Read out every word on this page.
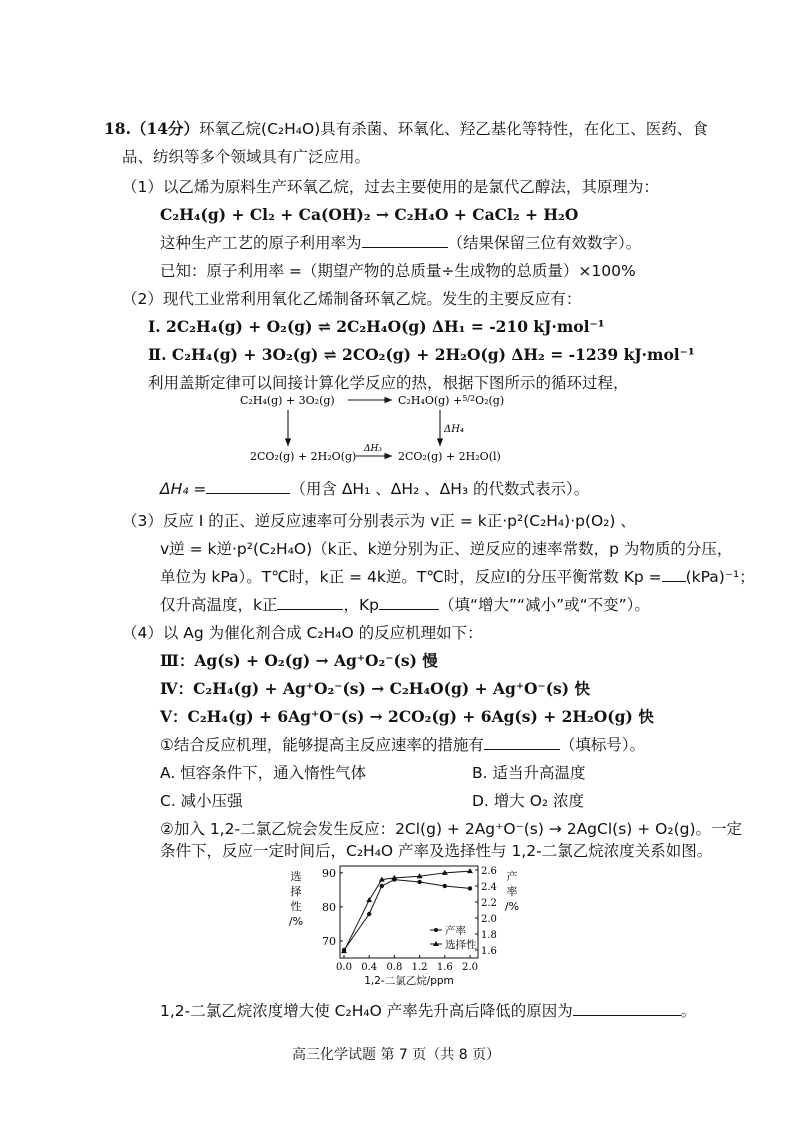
18.（14分）环氧乙烷(C₂H₄O)具有杀菌、环氧化、羟乙基化等特性，在化工、医药、食
品、纺织等多个领域具有广泛应用。
（1）以乙烯为原料生产环氧乙烷，过去主要使用的是氯代乙醇法，其原理为：
C₂H₄(g) + Cl₂ + Ca(OH)₂ → C₂H₄O + CaCl₂ + H₂O
这种生产工艺的原子利用率为	（结果保留三位有效数字）。
已知：原子利用率 =（期望产物的总质量÷生成物的总质量）×100%
（2）现代工业常利用氧化乙烯制备环氧乙烷。发生的主要反应有：
Ⅰ. 2C₂H₄(g) + O₂(g) ⇌ 2C₂H₄O(g) ΔH₁ = -210 kJ·mol⁻¹
Ⅱ. C₂H₄(g) + 3O₂(g) ⇌ 2CO₂(g) + 2H₂O(g) ΔH₂ = -1239 kJ·mol⁻¹
利用盖斯定律可以间接计算化学反应的热，根据下图所示的循环过程，
C₂H₄(g) + 3O₂(g)	C₂H₄O(g) +$^{5/2}$O₂(g)
ΔH₄
2CO₂(g) + 2H₂O(g)
ΔH₃
2CO₂(g) + 2H₂O(l)
ΔH₄ =	（用含 ΔH₁ 、ΔH₂ 、ΔH₃ 的代数式表示）。
（3）反应 Ⅰ 的正、逆反应速率可分别表示为 v正 = k正·p²(C₂H₄)·p(O₂) 、
v逆 = k逆·p²(C₂H₄O)（k正、k逆分别为正、逆反应的速率常数，p 为物质的分压，
单位为 kPa）。T℃时，k正 = 4k逆。T℃时，反应Ⅰ的分压平衡常数 Kp = (kPa)⁻¹；
仅升高温度，k正	，Kp	（填“增大”“减小”或“不变”）。
（4）以 Ag 为催化剂合成 C₂H₄O 的反应机理如下：
Ⅲ：Ag(s) + O₂(g) → Ag⁺O₂⁻(s) 慢
Ⅳ：C₂H₄(g) + Ag⁺O₂⁻(s) → C₂H₄O(g) + Ag⁺O⁻(s) 快
Ⅴ：C₂H₄(g) + 6Ag⁺O⁻(s) → 2CO₂(g) + 6Ag(s) + 2H₂O(g) 快
①结合反应机理，能够提高主反应速率的措施有	（填标号）。
A. 恒容条件下，通入惰性气体	B. 适当升高温度
C. 减小压强	D. 增大 O₂ 浓度
②加入 1,2-二氯乙烷会发生反应：2Cl(g) + 2Ag⁺O⁻(s) → 2AgCl(s) + O₂(g)。一定
条件下，反应一定时间后，C₂H₄O 产率及选择性与 1,2-二氯乙烷浓度关系如图。
90
80
70
2.6
2.4
2.2
2.0
1.8
1.6
0.0 0.4 0.8 1.2 1.6 2.0
1,2-二氯乙烷/ppm
选
择
性
/%
产
率
/%
产率
选择性
1,2-二氯乙烷浓度增大使 C₂H₄O 产率先升高后降低的原因为	。
高三化学试题 第 7 页（共 8 页）
